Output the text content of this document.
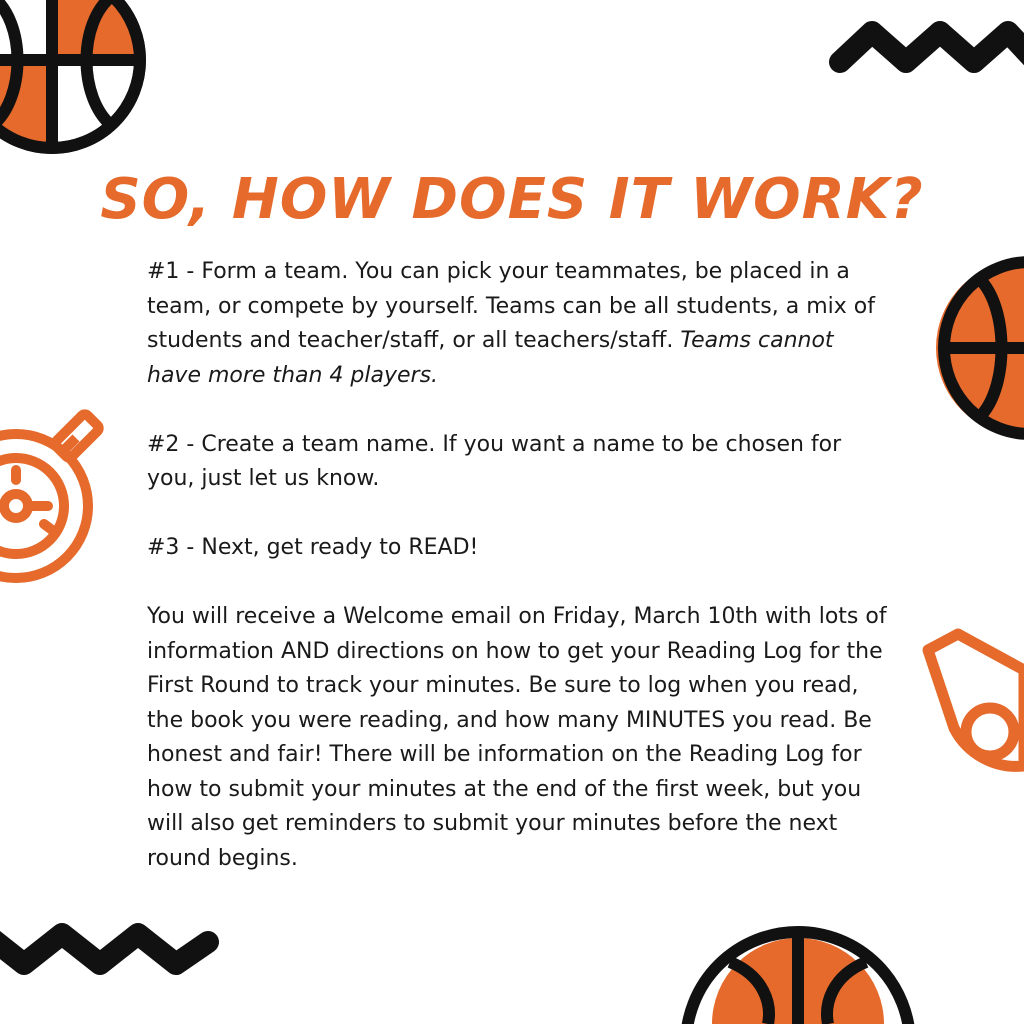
SO, HOW DOES IT WORK?

#1 - Form a team. You can pick your teammates, be placed in a team, or compete by yourself. Teams can be all students, a mix of students and teacher/staff, or all teachers/staff. Teams cannot have more than 4 players.

#2 - Create a team name. If you want a name to be chosen for you, just let us know.

#3 - Next, get ready to READ!

You will receive a Welcome email on Friday, March 10th with lots of information AND directions on how to get your Reading Log for the First Round to track your minutes. Be sure to log when you read, the book you were reading, and how many MINUTES you read. Be honest and fair! There will be information on the Reading Log for how to submit your minutes at the end of the first week, but you will also get reminders to submit your minutes before the next round begins.
